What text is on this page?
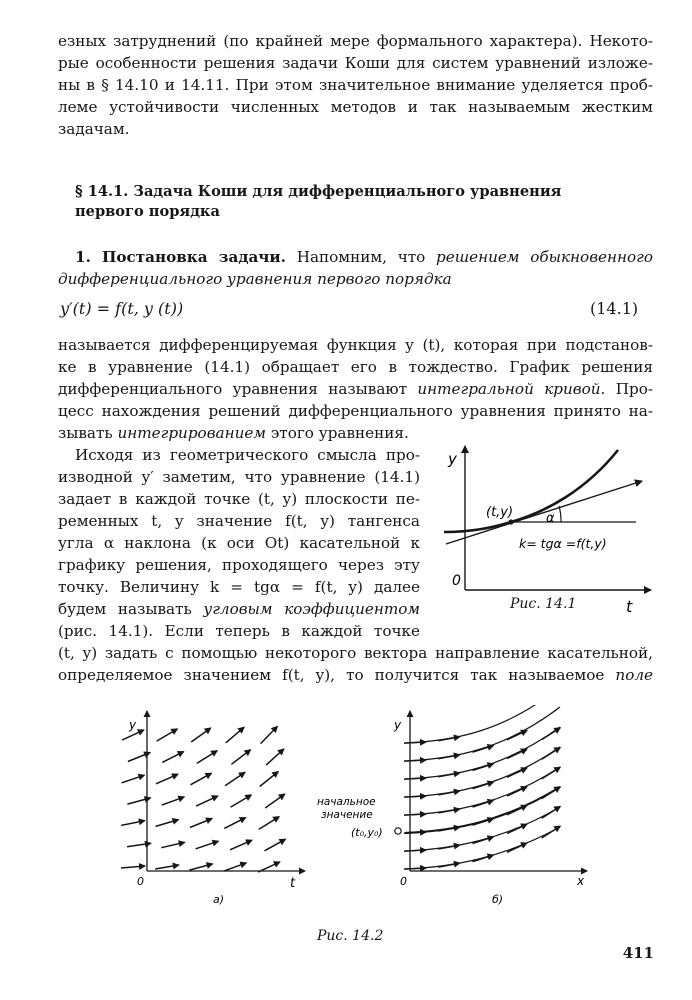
езных затруднений (по крайней мере формального характера). Некото-
рые особенности решения задачи Коши для систем уравнений изложе-
ны в § 14.10 и 14.11. При этом значительное внимание уделяется проб-
леме устойчивости численных методов и так называемым жестким
задачам.
§ 14.1. Задача Коши для дифференциального уравнения
первого порядка
1. Постановка задачи. Напомним, что решением обыкновенного
дифференциального уравнения первого порядка
y′(t) = f(t, y (t))	(14.1)
называется дифференцируемая функция y (t), которая при подстанов-
ке в уравнение (14.1) обращает его в тождество. График решения
дифференциального уравнения называют интегральной кривой. Про-
цесс нахождения решений дифференциального уравнения принято на-
зывать интегрированием этого уравнения.
Исходя из геометрического смысла про-
изводной y′ заметим, что уравнение (14.1)
задает в каждой точке (t, y) плоскости пе-
ременных t, y значение f(t, y) тангенса
угла α наклона (к оси Ot) касательной к
графику решения, проходящего через эту
точку. Величину k = tgα = f(t, y) далее
будем называть угловым коэффициентом
(рис. 14.1). Если теперь в каждой точке
(t, y) задать с помощью некоторого вектора направление касательной,
определяемое значением f(t, y), то получится так называемое поле
y
t
0
(t,y)	α
k= tgα =f(t,y)
Рис. 14.1
y
t
0
а)
y
x
0
начальное
значение
(t₀,y₀)
б)
Рис. 14.2
411
